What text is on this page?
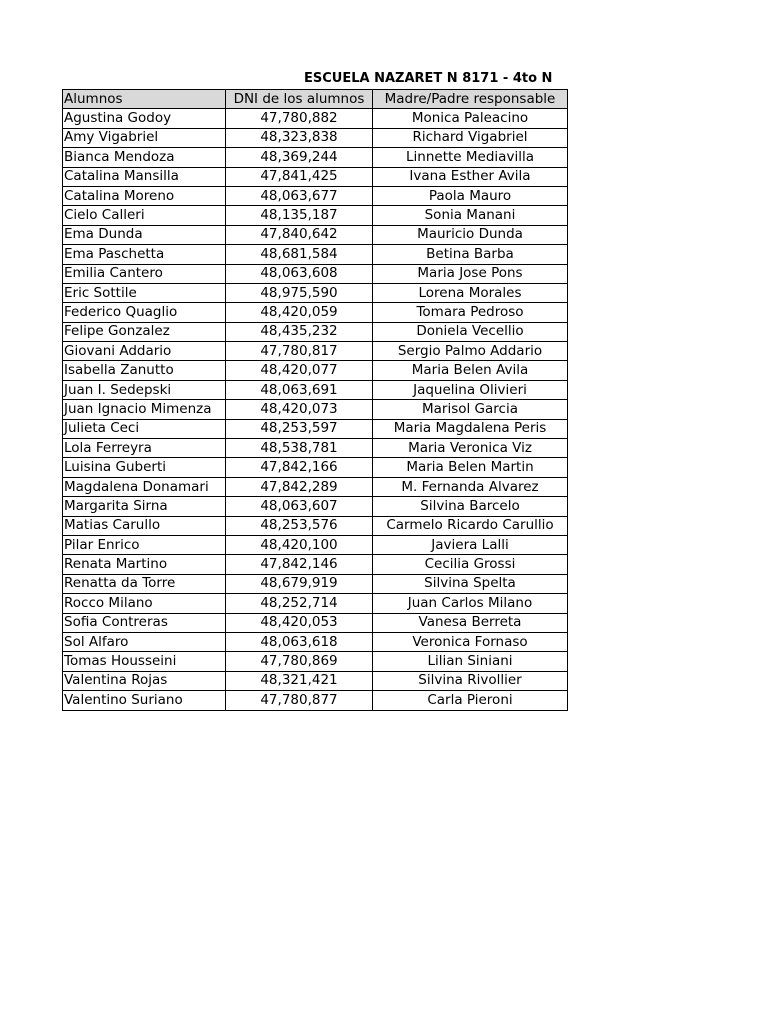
ESCUELA NAZARET N 8171 - 4to N
Alumnos	DNI de los alumnos	Madre/Padre responsable
Agustina Godoy	47,780,882	Monica Paleacino
Amy Vigabriel	48,323,838	Richard Vigabriel
Bianca Mendoza	48,369,244	Linnette Mediavilla
Catalina Mansilla	47,841,425	Ivana Esther Avila
Catalina Moreno	48,063,677	Paola Mauro
Cielo Calleri	48,135,187	Sonia Manani
Ema Dunda	47,840,642	Mauricio Dunda
Ema Paschetta	48,681,584	Betina Barba
Emilia Cantero	48,063,608	Maria Jose Pons
Eric Sottile	48,975,590	Lorena Morales
Federico Quaglio	48,420,059	Tomara Pedroso
Felipe Gonzalez	48,435,232	Doniela Vecellio
Giovani Addario	47,780,817	Sergio Palmo Addario
Isabella Zanutto	48,420,077	Maria Belen Avila
Juan I. Sedepski	48,063,691	Jaquelina Olivieri
Juan Ignacio Mimenza	48,420,073	Marisol Garcia
Julieta Ceci	48,253,597	Maria Magdalena Peris
Lola Ferreyra	48,538,781	Maria Veronica Viz
Luisina Guberti	47,842,166	Maria Belen Martin
Magdalena Donamari	47,842,289	M. Fernanda Alvarez
Margarita Sirna	48,063,607	Silvina Barcelo
Matias Carullo	48,253,576	Carmelo Ricardo Carullio
Pilar Enrico	48,420,100	Javiera Lalli
Renata Martino	47,842,146	Cecilia Grossi
Renatta da Torre	48,679,919	Silvina Spelta
Rocco Milano	48,252,714	Juan Carlos Milano
Sofia Contreras	48,420,053	Vanesa Berreta
Sol Alfaro	48,063,618	Veronica Fornaso
Tomas Housseini	47,780,869	Lilian Siniani
Valentina Rojas	48,321,421	Silvina Rivollier
Valentino Suriano	47,780,877	Carla Pieroni
